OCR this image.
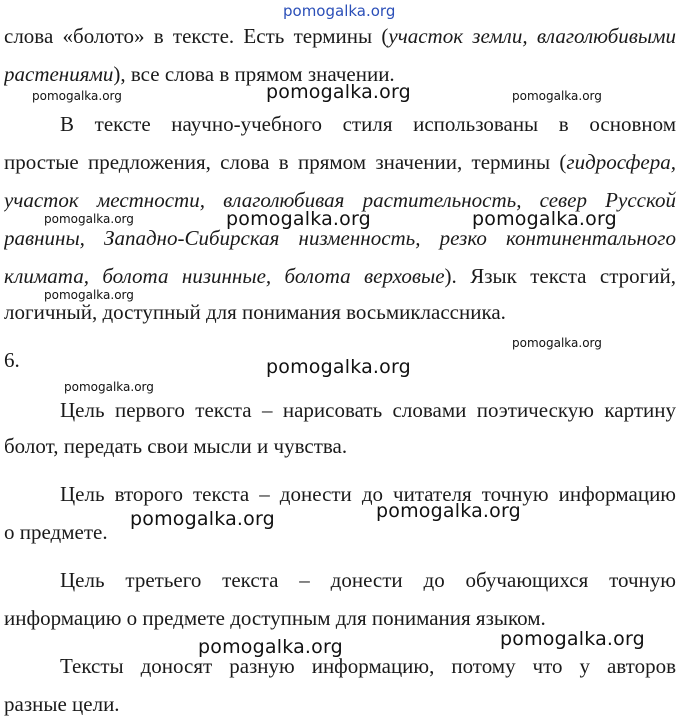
слова «болото» в тексте. Есть термины (участок земли, влаголюбивыми

растениями), все слова в прямом значении.

В тексте научно-учебного стиля использованы в основном

простые предложения, слова в прямом значении, термины (гидросфера,

участок местности, влаголюбивая растительность, север Русской

равнины, Западно-Сибирская низменность, резко континентального

климата, болота низинные, болота верховые). Язык текста строгий,

логичный, доступный для понимания восьмиклассника.

6.

Цель первого текста – нарисовать словами поэтическую картину

болот, передать свои мысли и чувства.

Цель второго текста – донести до читателя точную информацию

о предмете.

Цель третьего текста – донести до обучающихся точную

информацию о предмете доступным для понимания языком.

Тексты доносят разную информацию, потому что у авторов

разные цели.

pomogalka.org
pomogalka.org	pomogalka.org	pomogalka.org
pomogalka.org	pomogalka.org	pomogalka.org
pomogalka.org
pomogalka.org
pomogalka.org
pomogalka.org
pomogalka.org
pomogalka.org
pomogalka.org
pomogalka.org
